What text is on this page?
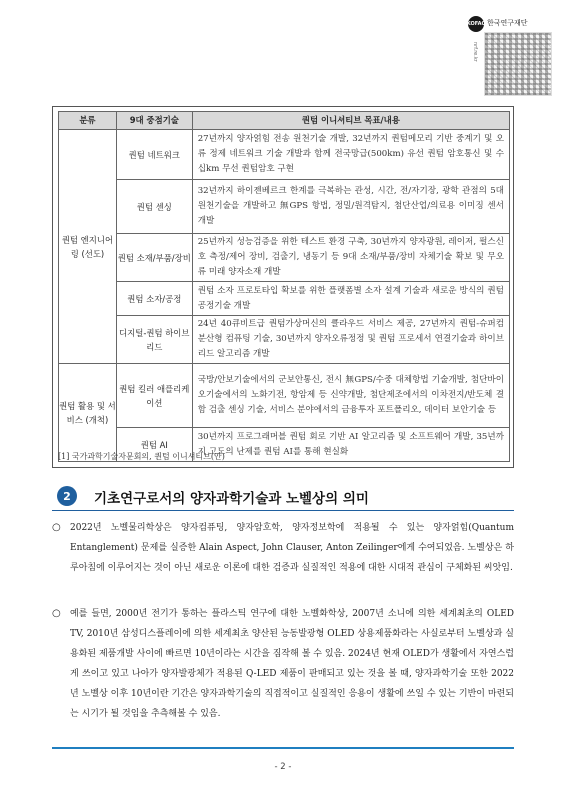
KOFAC 한국연구재단
nrf.re.kr
분류	9대 중점기술	퀀텀 이니셔티브 목표/내용
퀀텀 엔지니어링 (선도)	퀀텀 네트워크	27년까지 양자얽힘 전송 원천기술 개발, 32년까지 퀀텀메모리 기반 중계기 및 오류 정제 네트워크 기술 개발과 함께 전국망급(500km) 유선 퀀텀 암호통신 및 수십km 무선 퀀텀암호 구현
	퀀텀 센싱	32년까지 하이젠베르크 한계를 극복하는 관성, 시간, 전/자기장, 광학 관점의 5대 원천기술을 개발하고 無GPS 항법, 정밀/원격탐지, 첨단산업/의료용 이미징 센서 개발
	퀀텀 소재/부품/장비	25년까지 성능검증을 위한 테스트 환경 구축, 30년까지 양자광원, 레이저, 펄스신호 측정/제어 장비, 검출기, 냉동기 등 9대 소재/부품/장비 자체기술 확보 및 무오류 미래 양자소재 개발
	퀀텀 소자/공정	퀀텀 소자 프로토타입 확보를 위한 플랫폼별 소자 설계 기술과 새로운 방식의 퀀텀 공정기술 개발
	디지털-퀀텀 하이브리드	24년 40큐비트급 퀀텀가상머신의 클라우드 서비스 제공, 27년까지 퀀텀-슈퍼컴 분산형 컴퓨팅 기술, 30년까지 양자오류정정 및 퀀텀 프로세서 연결기술과 하이브리드 알고리즘 개발
퀀텀 활용 및 서비스 (개척)	퀀텀 킬러 애플리케이션	국방/안보기술에서의 군보안통신, 전시 無GPS/수중 대체항법 기술개발, 첨단바이오기술에서의 노화기전, 항암제 등 신약개발, 첨단제조에서의 이차전지/반도체 결함 검출 센싱 기술, 서비스 분야에서의 금융투자 포트폴리오, 데이터 보안기술 등
	퀀텀 AI	30년까지 프로그래머블 퀀텀 회로 기반 AI 알고리즘 및 소프트웨어 개발, 35년까지 고도의 난제를 퀀텀 AI를 통해 현실화
[1] 국가과학기술자문회의, 퀀텀 이니셔티브(안)
2	기초연구로서의 양자과학기술과 노벨상의 의미
○ 2022년 노벨물리학상은 양자컴퓨팅, 양자암호학, 양자정보학에 적용될 수 있는 양자얽힘(Quantum Entanglement) 문제를 실증한 Alain Aspect, John Clauser, Anton Zeilinger에게 수여되었음. 노벨상은 하루아침에 이루어지는 것이 아닌 새로운 이론에 대한 검증과 실질적인 적용에 대한 시대적 관심이 구체화된 씨앗임.
○ 예를 들면, 2000년 전기가 통하는 플라스틱 연구에 대한 노벨화학상, 2007년 소니에 의한 세계최초의 OLED TV, 2010년 삼성디스플레이에 의한 세계최초 양산된 능동발광형 OLED 상용제품화라는 사실로부터 노벨상과 실용화된 제품개발 사이에 빠르면 10년이라는 시간을 짐작해 볼 수 있음. 2024년 현재 OLED가 생활에서 자연스럽게 쓰이고 있고 나아가 양자발광체가 적용된 Q-LED 제품이 판매되고 있는 것을 볼 때, 양자과학기술 또한 2022년 노벨상 이후 10년이란 기간은 양자과학기술의 직접적이고 실질적인 응용이 생활에 쓰일 수 있는 기반이 마련되는 시기가 될 것임을 추측해볼 수 있음.
- 2 -
